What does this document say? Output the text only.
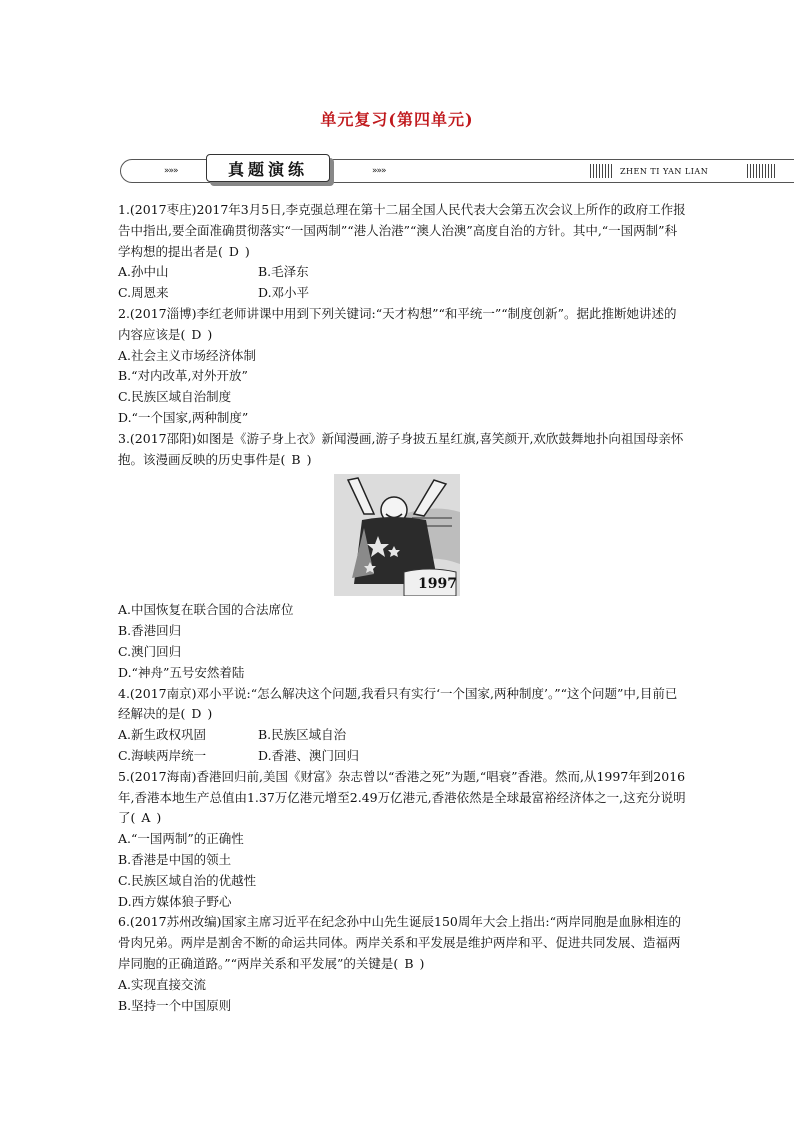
单元复习(第四单元)
»»»	真题演练	»»»	ZHEN TI YAN LIAN

1.(2017枣庄)2017年3月5日,李克强总理在第十二届全国人民代表大会第五次会议上所作的政府工作报告中指出,要全面准确贯彻落实“一国两制”“港人治港”“澳人治澳”高度自治的方针。其中,“一国两制”科学构想的提出者是( D )

A.孙中山	B.毛泽东
C.周恩来	D.邓小平

2.(2017淄博)李红老师讲课中用到下列关键词:“天才构想”“和平统一”“制度创新”。据此推断她讲述的内容应该是( D )

A.社会主义市场经济体制

B.“对内改革,对外开放”

C.民族区域自治制度

D.“一个国家,两种制度”

3.(2017邵阳)如图是《游子身上衣》新闻漫画,游子身披五星红旗,喜笑颜开,欢欣鼓舞地扑向祖国母亲怀抱。该漫画反映的历史事件是( B )

1997

A.中国恢复在联合国的合法席位

B.香港回归

C.澳门回归

D.“神舟”五号安然着陆

4.(2017南京)邓小平说:“怎么解决这个问题,我看只有实行‘一个国家,两种制度’。”“这个问题”中,目前已经解决的是( D )

A.新生政权巩固	B.民族区域自治
C.海峡两岸统一	D.香港、澳门回归

5.(2017海南)香港回归前,美国《财富》杂志曾以“香港之死”为题,“唱衰”香港。然而,从1997年到2016年,香港本地生产总值由1.37万亿港元增至2.49万亿港元,香港依然是全球最富裕经济体之一,这充分说明了( A )

A.“一国两制”的正确性

B.香港是中国的领土

C.民族区域自治的优越性

D.西方媒体狼子野心

6.(2017苏州改编)国家主席习近平在纪念孙中山先生诞辰150周年大会上指出:“两岸同胞是血脉相连的骨肉兄弟。两岸是割舍不断的命运共同体。两岸关系和平发展是维护两岸和平、促进共同发展、造福两岸同胞的正确道路。”“两岸关系和平发展”的关键是( B )

A.实现直接交流

B.坚持一个中国原则
